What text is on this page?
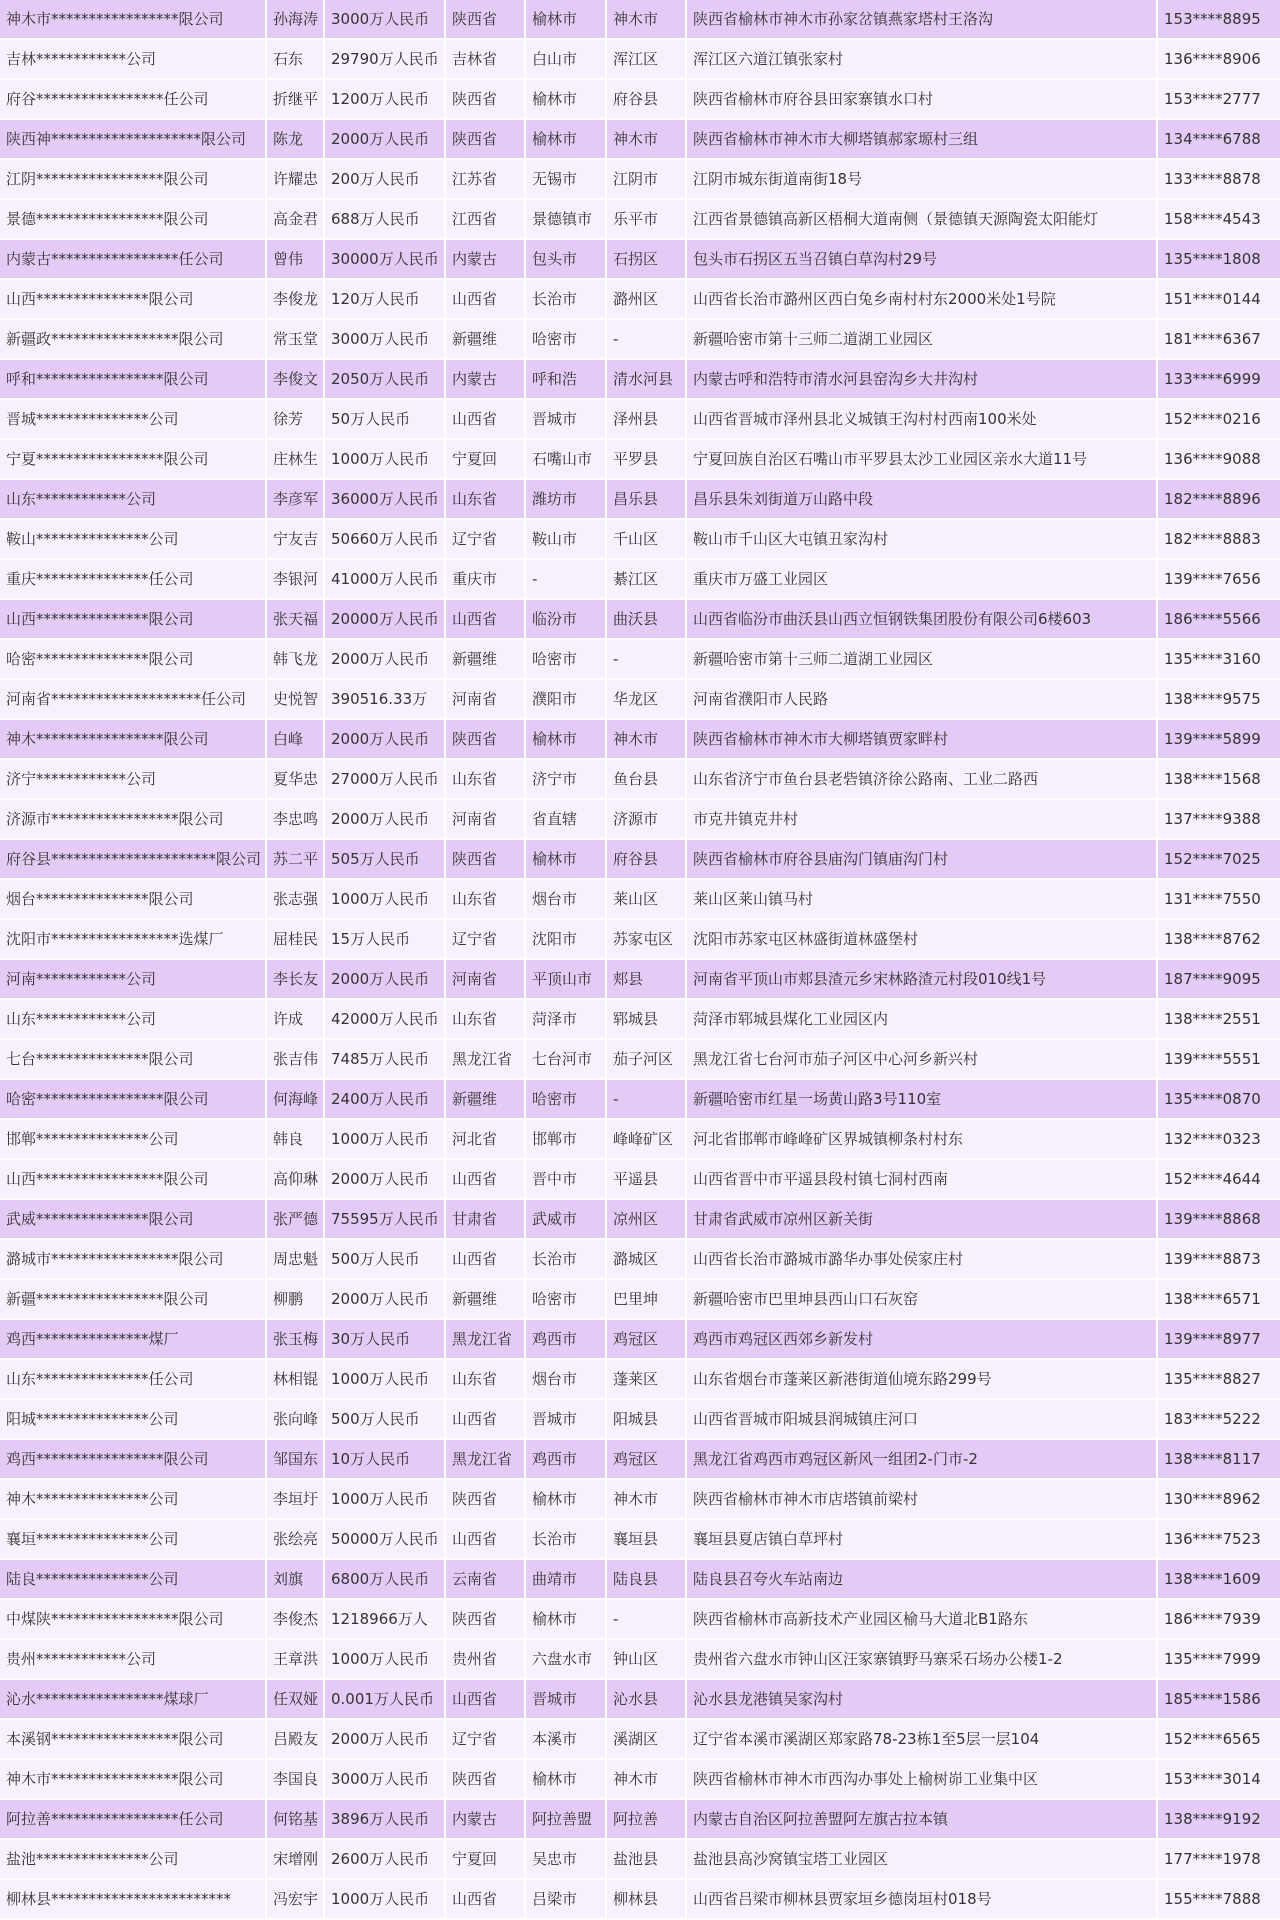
神木市*****************限公司	孙海涛	3000万人民币	陕西省	榆林市	神木市	陕西省榆林市神木市孙家岔镇燕家塔村王洛沟	153****8895
吉林************公司	石东	29790万人民币	吉林省	白山市	浑江区	浑江区六道江镇张家村	136****8906
府谷*****************任公司	折继平	1200万人民币	陕西省	榆林市	府谷县	陕西省榆林市府谷县田家寨镇水口村	153****2777
陕西神********************限公司	陈龙	2000万人民币	陕西省	榆林市	神木市	陕西省榆林市神木市大柳塔镇郝家塬村三组	134****6788
江阴*****************限公司	许耀忠	200万人民币	江苏省	无锡市	江阴市	江阴市城东街道南街18号	133****8878
景德*****************限公司	高金君	688万人民币	江西省	景德镇市	乐平市	江西省景德镇高新区梧桐大道南侧（景德镇天源陶瓷太阳能灯	158****4543
内蒙古*****************任公司	曾伟	30000万人民币	内蒙古	包头市	石拐区	包头市石拐区五当召镇白草沟村29号	135****1808
山西***************限公司	李俊龙	120万人民币	山西省	长治市	潞州区	山西省长治市潞州区西白兔乡南村村东2000米处1号院	151****0144
新疆政*****************限公司	常玉堂	3000万人民币	新疆维	哈密市	-	新疆哈密市第十三师二道湖工业园区	181****6367
呼和*****************限公司	李俊文	2050万人民币	内蒙古	呼和浩	清水河县	内蒙古呼和浩特市清水河县窑沟乡大井沟村	133****6999
晋城***************公司	徐芳	50万人民币	山西省	晋城市	泽州县	山西省晋城市泽州县北义城镇王沟村村西南100米处	152****0216
宁夏*****************限公司	庄林生	1000万人民币	宁夏回	石嘴山市	平罗县	宁夏回族自治区石嘴山市平罗县太沙工业园区亲水大道11号	136****9088
山东************公司	李彦军	36000万人民币	山东省	潍坊市	昌乐县	昌乐县朱刘街道万山路中段	182****8896
鞍山***************公司	宁友吉	50660万人民币	辽宁省	鞍山市	千山区	鞍山市千山区大屯镇丑家沟村	182****8883
重庆***************任公司	李银河	41000万人民币	重庆市	-	綦江区	重庆市万盛工业园区	139****7656
山西***************限公司	张天福	20000万人民币	山西省	临汾市	曲沃县	山西省临汾市曲沃县山西立恒钢铁集团股份有限公司6楼603	186****5566
哈密***************限公司	韩飞龙	2000万人民币	新疆维	哈密市	-	新疆哈密市第十三师二道湖工业园区	135****3160
河南省********************任公司	史悦智	390516.33万	河南省	濮阳市	华龙区	河南省濮阳市人民路	138****9575
神木*****************限公司	白峰	2000万人民币	陕西省	榆林市	神木市	陕西省榆林市神木市大柳塔镇贾家畔村	139****5899
济宁************公司	夏华忠	27000万人民币	山东省	济宁市	鱼台县	山东省济宁市鱼台县老砦镇济徐公路南、工业二路西	138****1568
济源市*****************限公司	李忠鸣	2000万人民币	河南省	省直辖	济源市	市克井镇克井村	137****9388
府谷县**********************限公司	苏二平	505万人民币	陕西省	榆林市	府谷县	陕西省榆林市府谷县庙沟门镇庙沟门村	152****7025
烟台***************限公司	张志强	1000万人民币	山东省	烟台市	莱山区	莱山区莱山镇马村	131****7550
沈阳市*****************选煤厂	屈桂民	15万人民币	辽宁省	沈阳市	苏家屯区	沈阳市苏家屯区林盛街道林盛堡村	138****8762
河南************公司	李长友	2000万人民币	河南省	平顶山市	郏县	河南省平顶山市郏县渣元乡宋林路渣元村段010线1号	187****9095
山东************公司	许成	42000万人民币	山东省	菏泽市	郓城县	菏泽市郓城县煤化工业园区内	138****2551
七台***************限公司	张吉伟	7485万人民币	黑龙江省	七台河市	茄子河区	黑龙江省七台河市茄子河区中心河乡新兴村	139****5551
哈密*****************限公司	何海峰	2400万人民币	新疆维	哈密市	-	新疆哈密市红星一场黄山路3号110室	135****0870
邯郸***************公司	韩良	1000万人民币	河北省	邯郸市	峰峰矿区	河北省邯郸市峰峰矿区界城镇柳条村村东	132****0323
山西*****************限公司	高仰琳	2000万人民币	山西省	晋中市	平遥县	山西省晋中市平遥县段村镇七洞村西南	152****4644
武威***************限公司	张严德	75595万人民币	甘肃省	武威市	凉州区	甘肃省武威市凉州区新关街	139****8868
潞城市*****************限公司	周忠魁	500万人民币	山西省	长治市	潞城区	山西省长治市潞城市潞华办事处侯家庄村	139****8873
新疆*****************限公司	柳鹏	2000万人民币	新疆维	哈密市	巴里坤	新疆哈密市巴里坤县西山口石灰窑	138****6571
鸡西***************煤厂	张玉梅	30万人民币	黑龙江省	鸡西市	鸡冠区	鸡西市鸡冠区西郊乡新发村	139****8977
山东***************任公司	林相锟	1000万人民币	山东省	烟台市	蓬莱区	山东省烟台市蓬莱区新港街道仙境东路299号	135****8827
阳城***************公司	张向峰	500万人民币	山西省	晋城市	阳城县	山西省晋城市阳城县润城镇庄河口	183****5222
鸡西*****************限公司	邹国东	10万人民币	黑龙江省	鸡西市	鸡冠区	黑龙江省鸡西市鸡冠区新风一组团2-门市-2	138****8117
神木***************公司	李垣圩	1000万人民币	陕西省	榆林市	神木市	陕西省榆林市神木市店塔镇前梁村	130****8962
襄垣***************公司	张绘亮	50000万人民币	山西省	长治市	襄垣县	襄垣县夏店镇白草坪村	136****7523
陆良***************公司	刘旗	6800万人民币	云南省	曲靖市	陆良县	陆良县召夸火车站南边	138****1609
中煤陕*****************限公司	李俊杰	1218966万人	陕西省	榆林市	-	陕西省榆林市高新技术产业园区榆马大道北B1路东	186****7939
贵州************公司	王章洪	1000万人民币	贵州省	六盘水市	钟山区	贵州省六盘水市钟山区汪家寨镇野马寨采石场办公楼1-2	135****7999
沁水*****************煤球厂	任双娅	0.001万人民币	山西省	晋城市	沁水县	沁水县龙港镇吴家沟村	185****1586
本溪钢*****************限公司	吕殿友	2000万人民币	辽宁省	本溪市	溪湖区	辽宁省本溪市溪湖区郑家路78-23栋1至5层一层104	152****6565
神木市*****************限公司	李国良	3000万人民币	陕西省	榆林市	神木市	陕西省榆林市神木市西沟办事处上榆树峁工业集中区	153****3014
阿拉善*****************任公司	何铭基	3896万人民币	内蒙古	阿拉善盟	阿拉善	内蒙古自治区阿拉善盟阿左旗古拉本镇	138****9192
盐池***************公司	宋增刚	2600万人民币	宁夏回	吴忠市	盐池县	盐池县高沙窝镇宝塔工业园区	177****1978
柳林县************************	冯宏宇	1000万人民币	山西省	吕梁市	柳林县	山西省吕梁市柳林县贾家垣乡德岗垣村018号	155****7888
